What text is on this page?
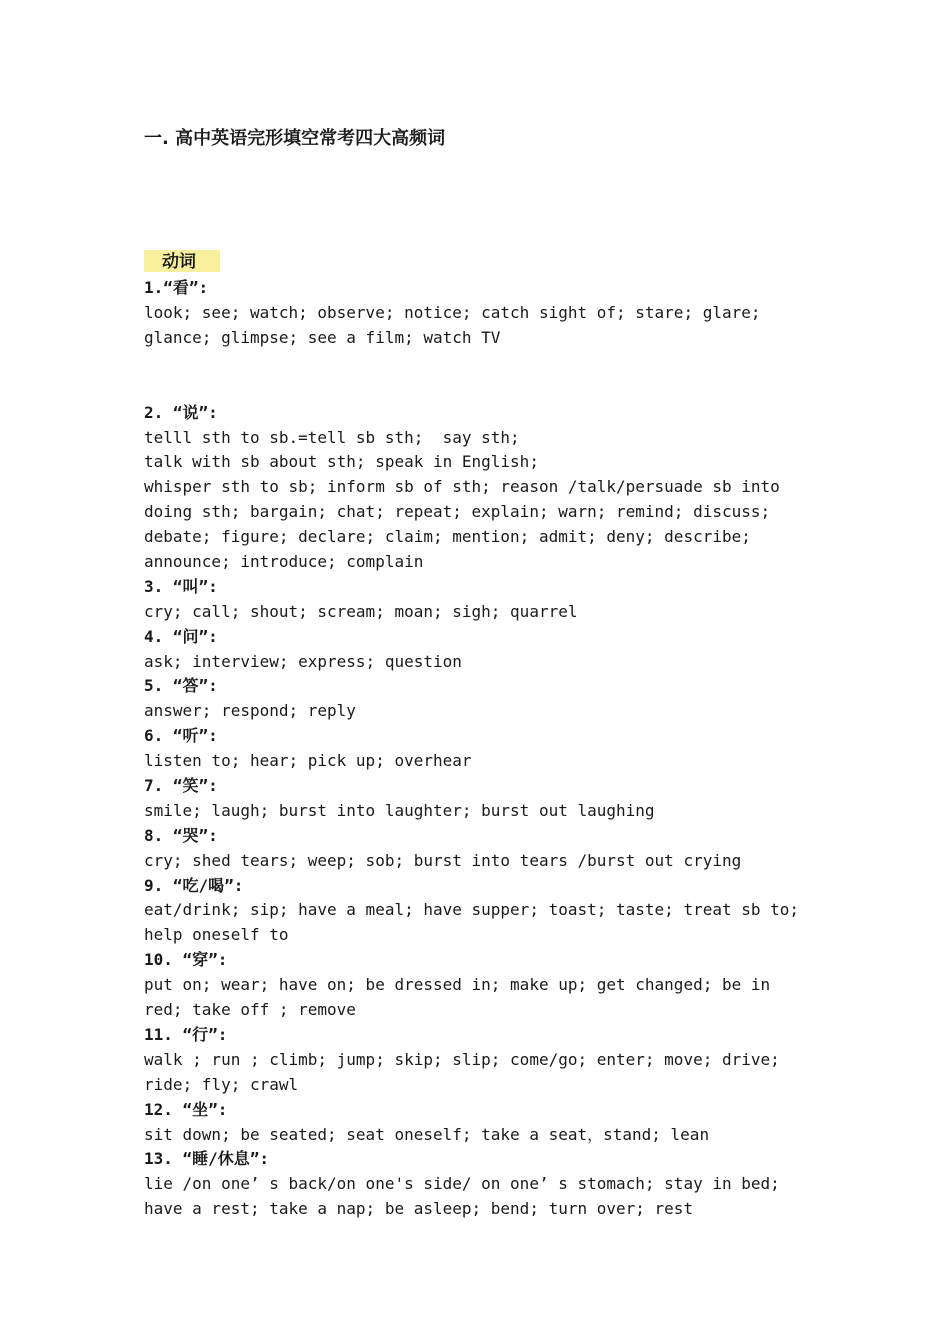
一. 高中英语完形填空常考四大高频词
动词
1.“看”:
look; see; watch; observe; notice; catch sight of; stare; glare;
glance; glimpse; see a film; watch TV
2. “说”:
telll sth to sb.=tell sb sth;  say sth;
talk with sb about sth; speak in English;
whisper sth to sb; inform sb of sth; reason /talk/persuade sb into
doing sth; bargain; chat; repeat; explain; warn; remind; discuss;
debate; figure; declare; claim; mention; admit; deny; describe;
announce; introduce; complain
3. “叫”:
cry; call; shout; scream; moan; sigh; quarrel
4. “问”:
ask; interview; express; question
5. “答”:
answer; respond; reply
6. “听”:
listen to; hear; pick up; overhear
7. “笑”:
smile; laugh; burst into laughter; burst out laughing
8. “哭”:
cry; shed tears; weep; sob; burst into tears /burst out crying
9. “吃/喝”:
eat/drink; sip; have a meal; have supper; toast; taste; treat sb to;
help oneself to
10. “穿”:
put on; wear; have on; be dressed in; make up; get changed; be in
red; take off ; remove
11. “行”:
walk ; run ; climb; jump; skip; slip; come/go; enter; move; drive;
ride; fly; crawl
12. “坐”:
sit down; be seated; seat oneself; take a seat，stand; lean
13. “睡/休息”:
lie /on one’ s back/on one's side/ on one’ s stomach; stay in bed;
have a rest; take a nap; be asleep; bend; turn over; rest
